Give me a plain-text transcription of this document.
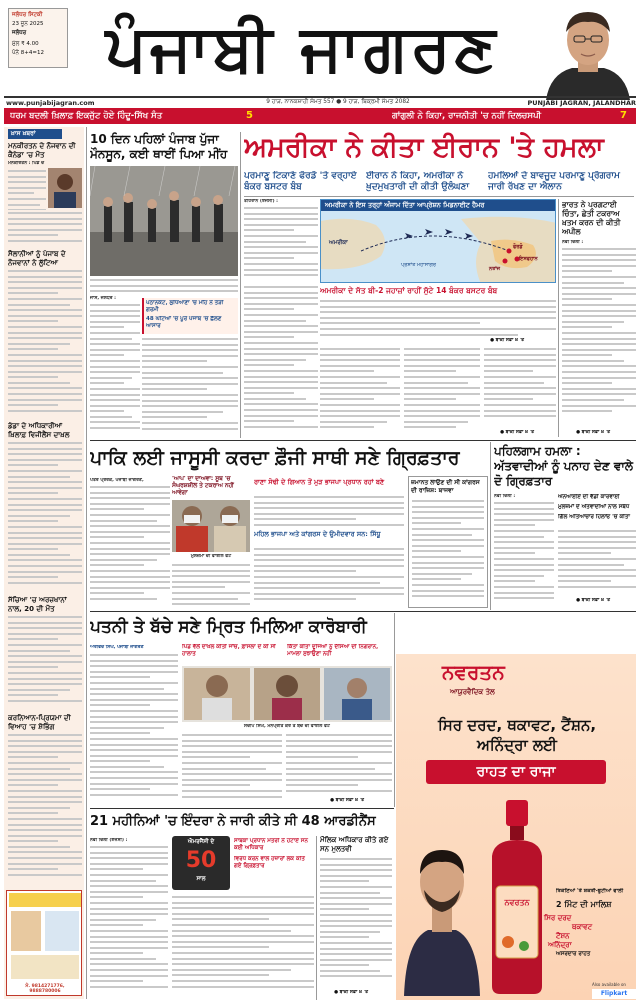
ਜਲੰਧਰ ਸਿਟਕੀ
23 ਜੂਨ 2025
ਜਲੰਧਰ
ਮੁੱਲ ₹ 4.00
ਪੰਨੇ 8+4=12 ਪੰਜਾਬੀ ਜਾਗਰਣ
www.punjabijagran.com	9 ਹਾੜ, ਨਾਨਕਸ਼ਾਹੀ ਸੰਮਤ 557 ● 9 ਹਾੜ, ਬਿਕ੍ਰਮੀ ਸੰਮਤ 2082	PUNJABI JAGRAN, JALANDHAR
ਧਰਮ ਬਦਲੀ ਖ਼ਿਲਾਫ਼ ਇਕਜੁੱਟ ਹੋਏ ਹਿੰਦੂ-ਸਿੱਖ ਸੰਤ	5	ਗਾਂਗੁਲੀ ਨੇ ਕਿਹਾ, ਰਾਜਨੀਤੀ 'ਚ ਨਹੀਂ ਦਿਲਚਸਪੀ	7
ਖ਼ਾਸ ਖ਼ਬਰਾਂ
ਮਨਕੀਰਤਨ ਦੇ ਨੌਜਵਾਨ ਦੀ ਕੈਨੇਡਾ 'ਚ ਮੌਤ
ਮਨਕੀਰਤਨ : ਪਿੰਡ ਦੇ
ਸੈਲਾਨੀਆਂ ਨੂੰ ਪੰਜਾਬ ਦੇ ਨੌਜਵਾਨਾਂ ਨੇ ਲੁੱਟਿਆ
ਡੰਡਾ ਦੇ ਅਧਿਕਾਰੀਆਂ ਖ਼ਿਲਾਫ਼ ਵਿਜੀਲੈਂਸ ਦਾਖ਼ਲ
ਸੱਚਿਆ 'ਚ ਅਰਜ਼ਖਾਨਾਂ ਨਾਲ, 20 ਦੀ ਮੌਤ
ਕਰਨਿਆਨ-ਪ੍ਰਿਯਮਾ ਦੀ ਵਿਆਹ 'ਚ ਸ਼ੋਭਿੰਗ
ਮੋ. 9814271776, 9888780006
10 ਦਿਨ ਪਹਿਲਾਂ ਪੰਜਾਬ ਪੁੱਜਾ ਮੌਨਸੂਨ, ਕਈ ਥਾਈਂ ਪਿਆ ਮੀਂਹ
ਜਾਸ, ਜਲੰਧਰ :
ਪਠਾਨਕੋਟ, ਲੁਧਿਆਣਾ 'ਚ ਮੀਂਹ ਨੇ ਤੋੜੀ ਗਰਮੀ
48 ਘੰਟਿਆਂ 'ਚ ਪੂਰੇ ਪੰਜਾਬ 'ਚ ਛੱਲਣ ਆਸਾਰ
ਅਮਰੀਕਾ ਨੇ ਕੀਤਾ ਈਰਾਨ 'ਤੇ ਹਮਲਾ
ਪਰਮਾਣੂ ਟਿਕਾਣੇ ਫੋਰਡੋ 'ਤੇ ਵਰ੍ਹਾਏ ਬੰਕਰ ਬਸਟਰ ਬੰਬ
ਈਰਾਨ ਨੇ ਕਿਹਾ, ਅਮਰੀਕਾ ਨੇ ਖ਼ੁਦਮੁਖਤਾਰੀ ਦੀ ਕੀਤੀ ਉਲੰਘਣਾ
ਹਮਲਿਆਂ ਦੇ ਬਾਵਜੂਦ ਪਰਮਾਣੂ ਪ੍ਰੋਗਰਾਮ ਜਾਰੀ ਰੱਖਣ ਦਾ ਐਲਾਨ
ਤਹਿਰਾਨ (ਏਜੰਸੀ) :	ਅਮਰੀਕਾ ਨੇ ਇਸ ਤਰ੍ਹਾਂ ਅੰਜਾਮ ਦਿੱਤਾ ਆਪ੍ਰੇਸ਼ਨ ਮਿਡਨਾਈਟ ਹੈਮਰ
ਅਮਰੀਕਾ
ਫੋਰਡੋ
ਇਸਫਹਾਨ
ਨਤਾਂਜ
ਪ੍ਰਸ਼ਾਂਤ ਮਹਾਸਾਗਰ
ਅਮਰੀਕਾ ਦੇ ਸੱਤ ਬੀ-2 ਜਹਾਜ਼ਾਂ ਰਾਹੀਂ ਸੁੱਟੇ 14 ਬੰਕਰ ਬਸਟਰ ਬੰਬ
● ਬਾਕੀ ਸਫ਼ਾ 8 'ਤੇ
● ਬਾਕੀ ਸਫ਼ਾ 8 'ਤੇ
ਭਾਰਤ ਨੇ ਪ੍ਰਗਟਾਈ ਚਿੰਤਾ, ਛੇਤੀ ਟਕਰਾਅ ਖ਼ਤਮ ਕਰਨ ਦੀ ਕੀਤੀ ਅਪੀਲ
ਨਵੀਂ ਦਿੱਲੀ :
● ਬਾਕੀ ਸਫ਼ਾ 8 'ਤੇ
ਪਾਕਿ ਲਈ ਜਾਸੂਸੀ ਕਰਦਾ ਫ਼ੌਜੀ ਸਾਥੀ ਸਣੇ ਗ੍ਰਿਫ਼ਤਾਰ
ਪੱਤਰ ਪ੍ਰੇਰਕ, ਪੰਜਾਬੀ ਜਾਗਰਣ,	'ਆਪ' ਦਾ ਦਾਅਵਾ: ਸੂਬੇ 'ਚ ਸੰਘਰਸ਼ਸ਼ੀਲ ਤੇ ਟਕਰਾਅ ਨਹੀਂ ਆਵੇਗਾ
ਮੁਲਜ਼ਮਾਂ ਦੀ ਫਾਈਲ ਫੋਟੋ
ਰਾਣਾ ਸੋਢੀ ਦੇ ਗਿਆਨ ਤੋਂ ਮੁੜ ਭਾਜਪਾ ਪ੍ਰਧਾਨ ਰਹਾਂ ਬਣੇ
ਮਹਿਲ ਭਾਜਪਾ ਅਤੇ ਕਾਂਗਰਸ ਦੇ ਉਮੀਦਵਾਰ ਸਨ: ਸਿੱਧੂ
ਜ਼ਮਾਨਤ ਲਾਉਣ ਦੀ ਸੀ ਕਾਂਗਰਸ ਦੀ ਰਾਜ਼ਿਸ਼: ਬਾਜਵਾ
ਪਹਿਲਗਾਮ ਹਮਲਾ : ਅੱਤਵਾਦੀਆਂ ਨੂੰ ਪਨਾਹ ਦੇਣ ਵਾਲੇ ਦੋ ਗ੍ਰਿਫ਼ਤਾਰ
ਨਵੀਂ ਦਿੱਲੀ :	ਐਨਆਈਏ ਦੀ ਵੱਡੀ ਕਾਰਵਾਈ
ਮੁਲਜ਼ਮਾਂ ਦੇ ਅੱਤਵਾਦੀਆਂ ਨਾਲ ਸਬੰਧ
ਗਿੱਲ ਅਤਿਆਚਾਰ ਹਿਲਾਓ 'ਚ ਕੀਤਾ
● ਬਾਕੀ ਸਫ਼ਾ 8 'ਤੇ
ਪਤਨੀ ਤੇ ਬੱਚੇ ਸਣੇ ਮ੍ਰਿਤ ਮਿਲਿਆ ਕਾਰੋਬਾਰੀ
ਅਰਵਿੰਦ ਸਿੰਘ, ਪੰਜਾਬੀ ਜਾਗਰਣ	ਪਿੰਡ ਵੱਲੋਂ ਦਾਖ਼ਲ ਕੀਤੀ ਜਾਂਚ, ਫ਼ਾਸਲਾ ਦੇ ਕੀ ਸੀ ਹਾਲਾਤ ਕਿੱਤਾ ਕੀਤਾ ਦੂਜਿਆਂ ਨੂੰ ਦੱਸਿਆ ਦੀ ਨਿਗਰਾਨ, ਮਾਮਲਾ ਸੁਝਾਉਣਾ ਨਹੀਂ
ਸੰਦੀਪ ਸਿੰਘ, ਮਨਪ੍ਰੀਤ ਕੌਰ ਤੇ ਬੱਚੇ ਦੀ ਫਾਈਲ ਫੋਟੋ
● ਬਾਕੀ ਸਫ਼ਾ 8 'ਤੇ
ਨਵਰਤਨ
ਆਯੁਰਵੈਦਿਕ ਤੇਲ
ਸਿਰ ਦਰਦ, ਥਕਾਵਟ, ਟੈਂਸ਼ਨ,
ਅਨਿੰਦ੍ਰਾ ਲਈ
ਰਾਹਤ ਦਾ ਰਾਜਾ
ਨਵਰਤਨ
ਤਿਕੋਣਿਆਂ 'ਤੇ ਸ਼ਕਤੀ-ਬੂਟੀਆਂ ਵਾਲੀ
2 ਮਿੰਟ ਦੀ ਮਾਲਿਸ਼
ਸਿਰ ਦਰਦ
ਥਕਾਵਟ
ਟੈਂਸ਼ਨ
ਅਨਿੰਦ੍ਰਾ
ਅਸਰਦਾਰ ਰਾਹਤ
Also available on
Flipkart
21 ਮਹੀਨਿਆਂ 'ਚ ਇੰਦਰਾ ਨੇ ਜਾਰੀ ਕੀਤੇ ਸੀ 48 ਆਰਡੀਨੈਂਸ
ਨਵੀਂ ਦਿੱਲੀ (ਏਜੰਸੀ) :	ਐਮਰਜੈਂਸੀ ਦੇ
50
ਸਾਲ
ਸਾਬਕਾ ਪ੍ਰਧਾਨ ਮੰਤਰੀ ਨੇ ਹਟਾਏ ਸਨ ਕਈ ਅਧਿਕਾਰ
ਵਿਰੋਧ ਕਰਨ ਵਾਲੇ ਹਜ਼ਾਰਾਂ ਲੋਕ ਕੀਤੇ ਗਏ ਗ੍ਰਿਫ਼ਤਾਰ
ਮੌਲਿਕ ਅਧਿਕਾਰ ਕੀਤੇ ਗਏ ਸਨ ਮੁਲਤਵੀ
● ਬਾਕੀ ਸਫ਼ਾ 8 'ਤੇ
